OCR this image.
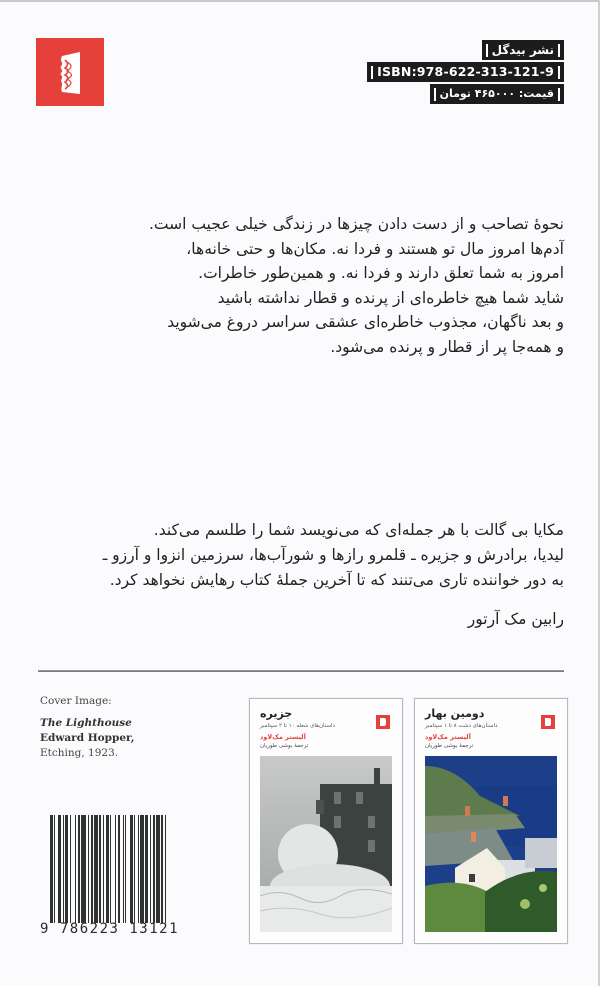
نشر بیدگل
ISBN:978-622-313-121-9
قیمت: ۴۶۵۰۰۰ تومان

نحوهٔ تصاحب و از دست دادن چیزها در زندگی خیلی عجیب است.

آدم‌ها امروز مال تو هستند و فردا نه. مکان‌ها و حتی خانه‌ها،

امروز به شما تعلق دارند و فردا نه. و همین‌طور خاطرات.

شاید شما هیچ خاطره‌ای از پرنده و قطار نداشته باشید

و بعد ناگهان، مجذوب خاطره‌ای عشقی سراسر دروغ می‌شوید

و همه‌جا پر از قطار و پرنده می‌شود.

مکایا بی گالت با هر جمله‌ای که می‌نویسد شما را طلسم می‌کند.

لیدیا، برادرش و جزیره ـ قلمرو رازها و شورآب‌ها، سرزمین انزوا و آرزو ـ

به دور خواننده تاری می‌تنند که تا آخرین جملهٔ کتاب رهایش نخواهد کرد.

رابین مک آرتور

Cover Image:
The Lighthouse
Edward Hopper,
Etching, 1923.
9 786223 13121
جزیره
داستان‌های شعله ۱۰ تا ۲ سپتامبر
آلیستر مک‌لاود
ترجمهٔ یوشی طوریان
دومین بهار
داستان‌های دشت ۸ تا ۱ سپتامبر
آلیستر مک‌لاود
ترجمهٔ یوشی طوریان
